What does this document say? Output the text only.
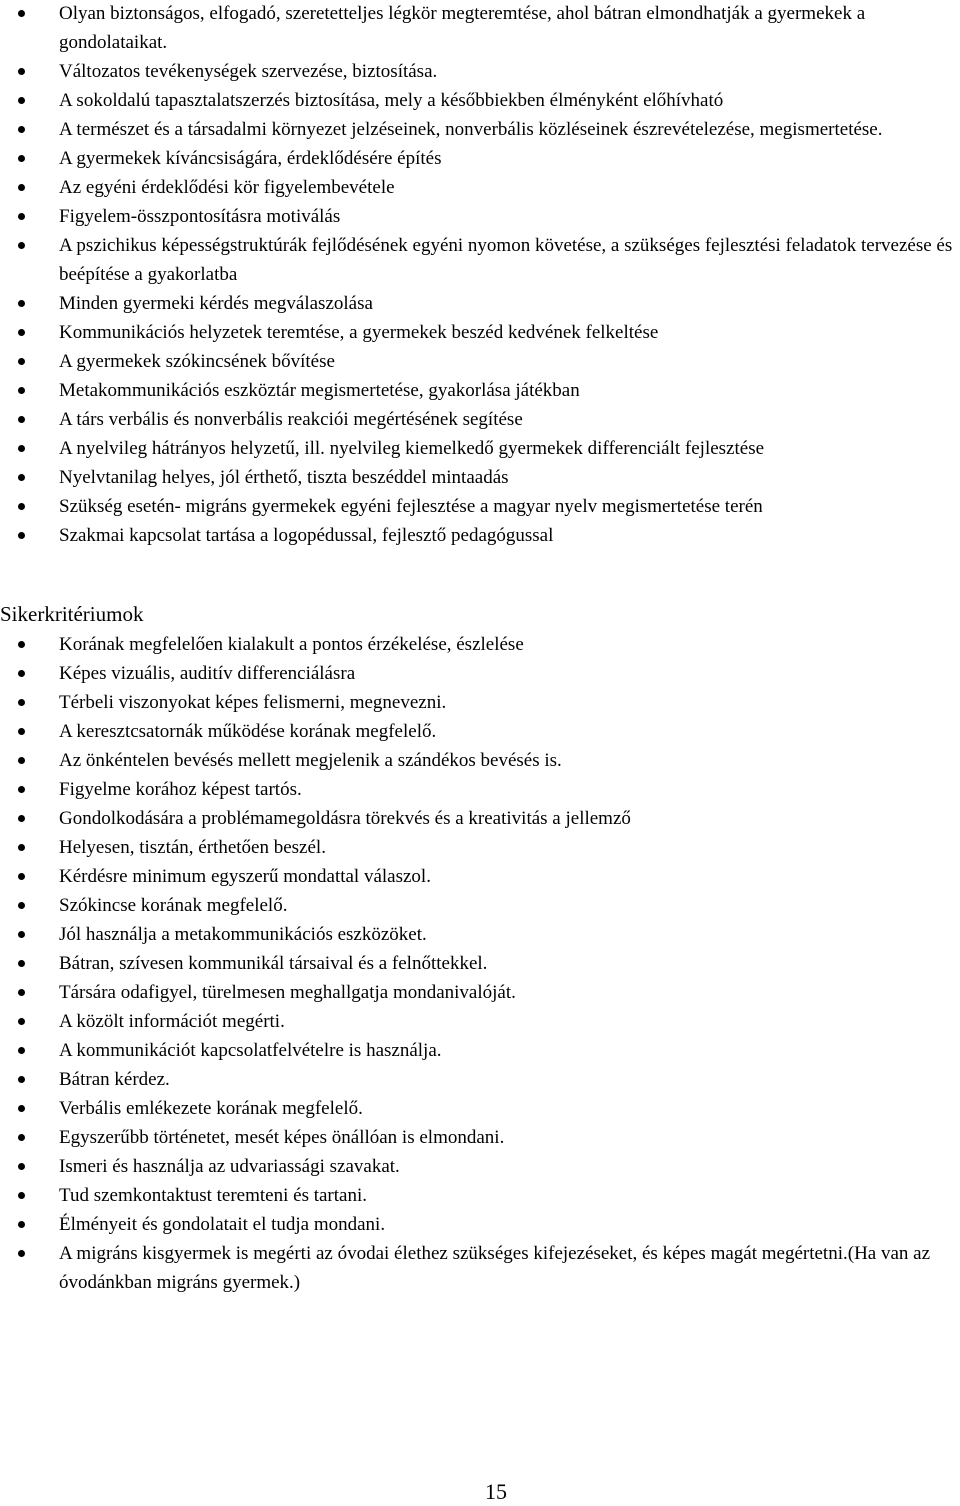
Olyan biztonságos, elfogadó, szeretetteljes légkör megteremtése, ahol bátran elmondhatják a gyermekek a gondolataikat.
Változatos tevékenységek szervezése, biztosítása.
A sokoldalú tapasztalatszerzés biztosítása, mely a későbbiekben élményként előhívható
A természet és a társadalmi környezet jelzéseinek, nonverbális közléseinek észrevételezése, megismertetése.
A gyermekek kíváncsiságára, érdeklődésére építés
Az egyéni érdeklődési kör figyelembevétele
Figyelem-összpontosításra motiválás
A pszichikus képességstruktúrák fejlődésének egyéni nyomon követése, a szükséges fejlesztési feladatok tervezése és beépítése a gyakorlatba
Minden gyermeki kérdés megválaszolása
Kommunikációs helyzetek teremtése, a gyermekek beszéd kedvének felkeltése
A gyermekek szókincsének bővítése
Metakommunikációs eszköztár megismertetése, gyakorlása játékban
A társ verbális és nonverbális reakciói megértésének segítése
A nyelvileg hátrányos helyzetű, ill. nyelvileg kiemelkedő gyermekek differenciált fejlesztése
Nyelvtanilag helyes, jól érthető, tiszta beszéddel mintaadás
Szükség esetén- migráns gyermekek egyéni fejlesztése a magyar nyelv megismertetése terén
Szakmai kapcsolat tartása a logopédussal, fejlesztő pedagógussal
Sikerkritériumok
Korának megfelelően kialakult a pontos érzékelése, észlelése
Képes vizuális, auditív differenciálásra
Térbeli viszonyokat képes felismerni, megnevezni.
A keresztcsatornák működése korának megfelelő.
Az önkéntelen bevésés mellett megjelenik a szándékos bevésés is.
Figyelme korához képest tartós.
Gondolkodására a problémamegoldásra törekvés és a kreativitás a jellemző
Helyesen, tisztán, érthetően beszél.
Kérdésre minimum egyszerű mondattal válaszol.
Szókincse korának megfelelő.
Jól használja a metakommunikációs eszközöket.
Bátran, szívesen kommunikál társaival és a felnőttekkel.
Társára odafigyel, türelmesen meghallgatja mondanivalóját.
A közölt információt megérti.
A kommunikációt kapcsolatfelvételre is használja.
Bátran kérdez.
Verbális emlékezete korának megfelelő.
Egyszerűbb történetet, mesét képes önállóan is elmondani.
Ismeri és használja az udvariassági szavakat.
Tud szemkontaktust teremteni és tartani.
Élményeit és gondolatait el tudja mondani.
A migráns kisgyermek is megérti az óvodai élethez szükséges kifejezéseket, és képes magát megértetni.(Ha van az óvodánkban migráns gyermek.)
15
